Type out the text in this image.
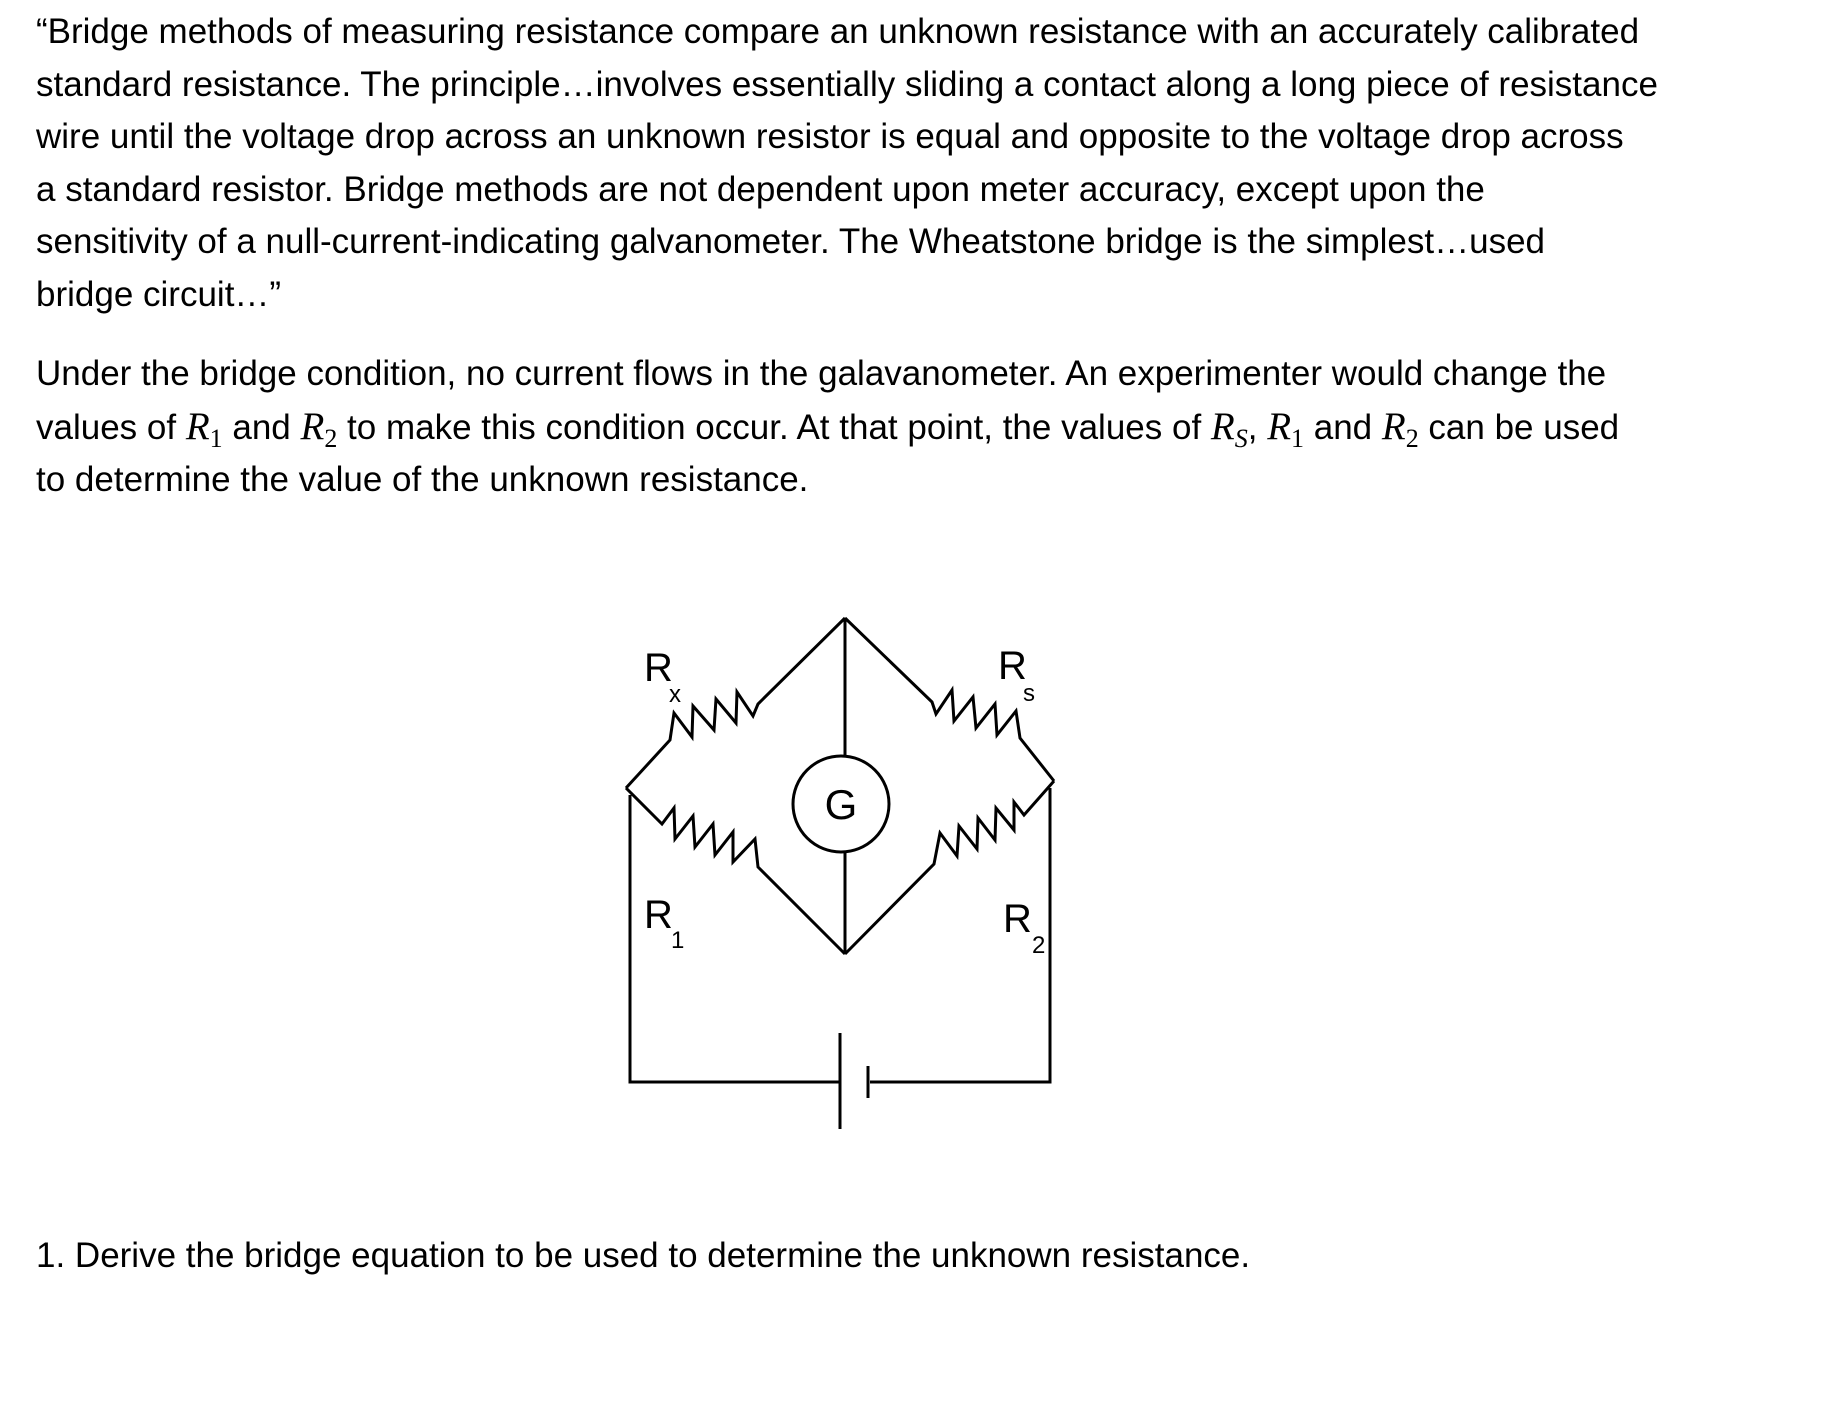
“Bridge methods of measuring resistance compare an unknown resistance with an accurately calibrated
standard resistance. The principle…involves essentially sliding a contact along a long piece of resistance
wire until the voltage drop across an unknown resistor is equal and opposite to the voltage drop across
a standard resistor. Bridge methods are not dependent upon meter accuracy, except upon the
sensitivity of a null-current-indicating galvanometer. The Wheatstone bridge is the simplest…used
bridge circuit…”

Under the bridge condition, no current flows in the galavanometer. An experimenter would change the
values of $R_1$ and $R_2$ to make this condition occur. At that point, the values of $R_S$, $R_1$ and $R_2$ can be used
to determine the value of the unknown resistance.

R
x
R
s
R
1	R
2
G

1. Derive the bridge equation to be used to determine the unknown resistance.
